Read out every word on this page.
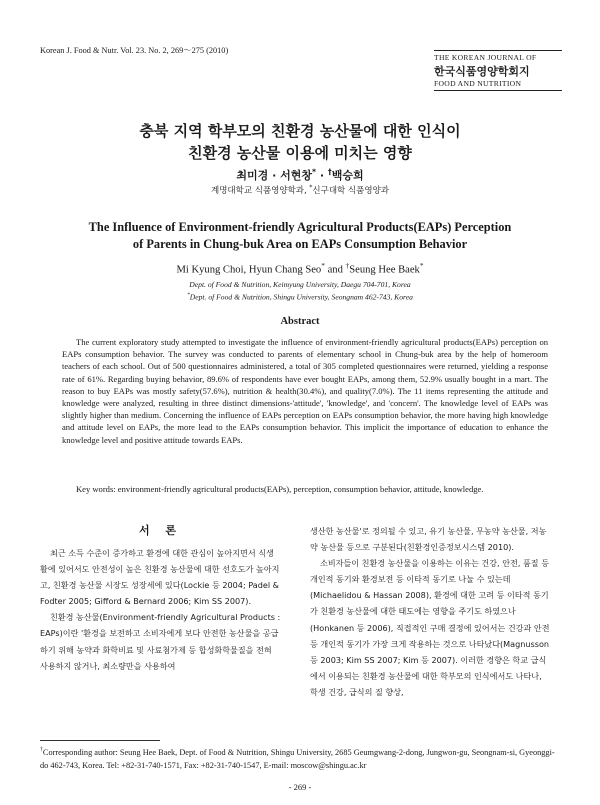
Korean J. Food & Nutr. Vol. 23. No. 2, 269～275 (2010)
THE KOREAN JOURNAL OF
한국식품영양학회지
FOOD AND NUTRITION
충북 지역 학부모의 친환경 농산물에 대한 인식이
친환경 농산물 이용에 미치는 영향
최미경 · 서현창* · †백승희
계명대학교 식품영양학과, *신구대학 식품영양과
The Influence of Environment-friendly Agricultural Products(EAPs) Perception
of Parents in Chung-buk Area on EAPs Consumption Behavior
Mi Kyung Choi, Hyun Chang Seo* and †Seung Hee Baek*
Dept. of Food & Nutrition, Keimyung University, Daegu 704-701, Korea
*Dept. of Food & Nutrition, Shingu University, Seongnam 462-743, Korea
Abstract
The current exploratory study attempted to investigate the influence of environment-friendly agricultural products(EAPs) perception on EAPs consumption behavior. The survey was conducted to parents of elementary school in Chung-buk area by the help of homeroom teachers of each school. Out of 500 questionnaires administered, a total of 305 completed questionnaires were returned, yielding a response rate of 61%. Regarding buying behavior, 89.6% of respondents have ever bought EAPs, among them, 52.9% usually bought in a mart. The reason to buy EAPs was mostly safety(57.6%), nutrition & health(30.4%), and quality(7.0%). The 11 items representing the attitude and knowledge were analyzed, resulting in three distinct dimensions-'attitude', 'knowledge', and 'concern'. The knowledge level of EAPs was slightly higher than medium. Concerning the influence of EAPs perception on EAPs consumption behavior, the more having high knowledge and attitude level on EAPs, the more lead to the EAPs consumption behavior. This implicit the importance of education to enhance the knowledge level and positive attitude towards EAPs.
Key words: environment-friendly agricultural products(EAPs), perception, consumption behavior, attitude, knowledge.
서 론

최근 소득 수준이 증가하고 환경에 대한 관심이 높아지면서 식생활에 있어서도 안전성이 높은 친환경 농산물에 대한 선호도가 높아지고, 친환경 농산물 시장도 성장세에 있다(Lockie 등 2004; Padel & Fodter 2005; Gifford & Bernard 2006; Kim SS 2007).

친환경 농산물(Environment-friendly Agricultural Products : EAPs)이란 '환경을 보전하고 소비자에게 보다 안전한 농산물을 공급하기 위해 농약과 화학비료 및 사료첨가제 등 합성화학물질을 전혀 사용하지 않거나, 최소량만을 사용하여

생산한 농산물'로 정의될 수 있고, 유기 농산물, 무농약 농산물, 저농약 농산물 등으로 구분된다(친환경인증정보시스템 2010).

소비자들이 친환경 농산물을 이용하는 이유는 건강, 안전, 품질 등 개인적 동기와 환경보전 등 이타적 동기로 나눌 수 있는데(Michaelidou & Hassan 2008), 환경에 대한 고려 등 이타적 동기가 친환경 농산물에 대한 태도에는 영향을 주기도 하였으나(Honkanen 등 2006), 직접적인 구매 결정에 있어서는 건강과 안전 등 개인적 동기가 가장 크게 작용하는 것으로 나타났다(Magnusson 등 2003; Kim SS 2007; Kim 등 2007). 이러한 경향은 학교 급식에서 이용되는 친환경 농산물에 대한 학부모의 인식에서도 나타나, 학생 건강, 급식의 질 향상,

†Corresponding author: Seung Hee Baek, Dept. of Food & Nutrition, Shingu University, 2685 Geumgwang-2-dong, Jungwon-gu, Seongnam-si, Gyeonggi-do 462-743, Korea. Tel: +82-31-740-1571, Fax: +82-31-740-1547, E-mail: moscow@shingu.ac.kr
- 269 -
